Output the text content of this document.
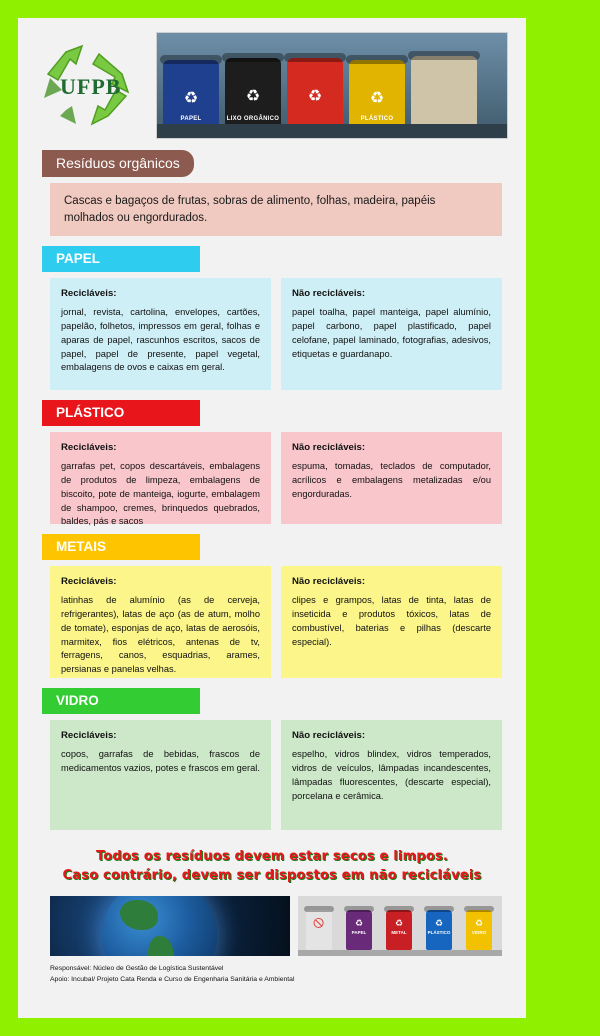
UFPB	♻
PAPEL
♻
LIXO ORGÂNICO
♻	♻
PLÁSTICO
Resíduos orgânicos
Cascas e bagaços de frutas, sobras de alimento, folhas, madeira, papéis molhados ou engordurados.
PAPEL
Recicláveis:
jornal, revista, cartolina, envelopes, cartões, papelão, folhetos, impressos em geral, folhas e aparas de papel, rascunhos escritos, sacos de papel, papel de presente, papel vegetal, embalagens de ovos e caixas em geral.
Não recicláveis:
papel toalha, papel manteiga, papel alumínio, papel carbono, papel plastificado, papel celofane, papel laminado, fotografias, adesivos, etiquetas e guardanapo.
PLÁSTICO
Recicláveis:
garrafas pet, copos descartáveis, embalagens de produtos de limpeza, embalagens de biscoito, pote de manteiga, iogurte, embalagem de shampoo, cremes, brinquedos quebrados, baldes, pás e sacos
Não recicláveis:
espuma, tomadas, teclados de computador, acrílicos e embalagens metalizadas e/ou engorduradas.
METAIS
Recicláveis:
latinhas de alumínio (as de cerveja, refrigerantes), latas de aço (as de atum, molho de tomate), esponjas de aço, latas de aerosóis, marmitex, fios elétricos, antenas de tv, ferragens, canos, esquadrias, arames, persianas e panelas velhas.
Não recicláveis:
clipes e grampos, latas de tinta, latas de inseticida e produtos tóxicos, latas de combustível, baterias e pilhas (descarte especial).
VIDRO
Recicláveis:
copos, garrafas de bebidas, frascos de medicamentos vazios, potes e frascos em geral.
Não recicláveis:
espelho, vidros blindex, vidros temperados, vidros de veículos, lâmpadas incandescentes, lâmpadas fluorescentes, (descarte especial), porcelana e cerâmica.
Todos os resíduos devem estar secos e limpos.
Caso contrário, devem ser dispostos em não recicláveis
🚫	♻
PAPEL
♻
METAL
♻
PLÁSTICO
♻
VIDRO
Responsável: Núcleo de Gestão de Logística Sustentável
Apoio: Incubal/ Projeto Cata Renda e Curso de Engenharia Sanitária e Ambiental
